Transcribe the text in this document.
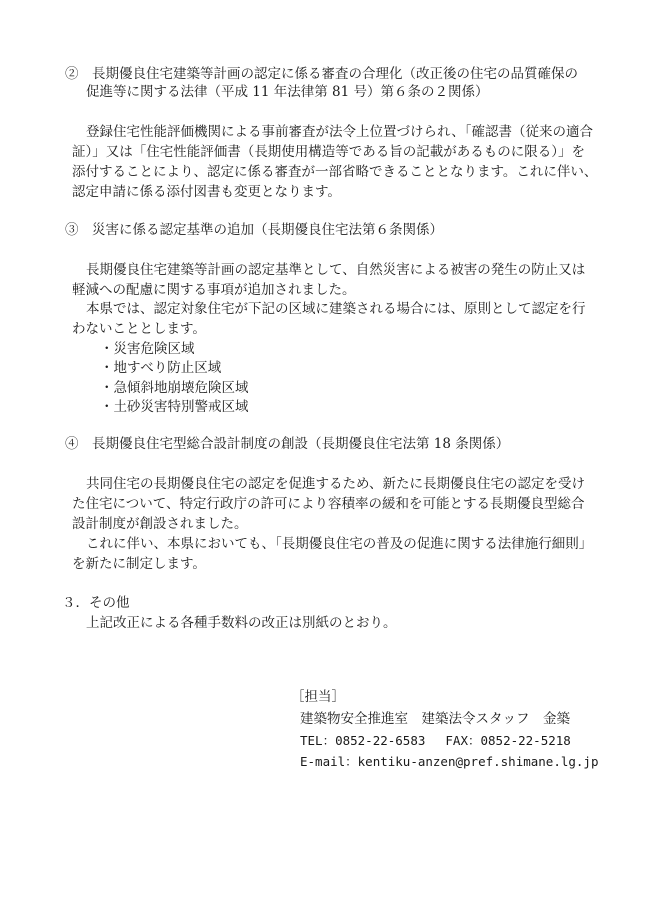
②　長期優良住宅建築等計画の認定に係る審査の合理化（改正後の住宅の品質確保の
促進等に関する法律（平成 11 年法律第 81 号）第６条の２関係）
登録住宅性能評価機関による事前審査が法令上位置づけられ、「確認書（従来の適合
証）」又は「住宅性能評価書（長期使用構造等である旨の記載があるものに限る）」を
添付することにより、認定に係る審査が一部省略できることとなります。これに伴い、
認定申請に係る添付図書も変更となります。
③　災害に係る認定基準の追加（長期優良住宅法第６条関係）
長期優良住宅建築等計画の認定基準として、自然災害による被害の発生の防止又は
軽減への配慮に関する事項が追加されました。
本県では、認定対象住宅が下記の区域に建築される場合には、原則として認定を行
わないこととします。
・災害危険区域
・地すべり防止区域
・急傾斜地崩壊危険区域
・土砂災害特別警戒区域
④　長期優良住宅型総合設計制度の創設（長期優良住宅法第 18 条関係）
共同住宅の長期優良住宅の認定を促進するため、新たに長期優良住宅の認定を受け
た住宅について、特定行政庁の許可により容積率の緩和を可能とする長期優良型総合
設計制度が創設されました。
これに伴い、本県においても、「長期優良住宅の普及の促進に関する法律施行細則」
を新たに制定します。
３．その他
上記改正による各種手数料の改正は別紙のとおり。
［担当］
建築物安全推進室　建築法令スタッフ　金築
TEL：0852-22-6583　 FAX：0852-22-5218
E-mail：kentiku-anzen@pref.shimane.lg.jp
